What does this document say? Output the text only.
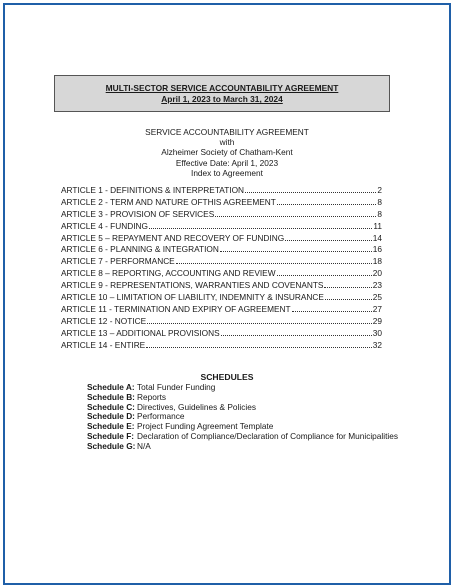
MULTI-SECTOR SERVICE ACCOUNTABILITY AGREEMENT
April 1, 2023 to March 31, 2024
SERVICE ACCOUNTABILITY AGREEMENT
with
Alzheimer Society of Chatham-Kent
Effective Date: April 1, 2023
Index to Agreement
ARTICLE 1 - DEFINITIONS & INTERPRETATION	2
ARTICLE 2 - TERM AND NATURE OFTHIS AGREEMENT	8
ARTICLE 3 - PROVISION OF SERVICES	8
ARTICLE 4 - FUNDING	11
ARTICLE 5 – REPAYMENT AND RECOVERY OF FUNDING	14
ARTICLE 6 - PLANNING & INTEGRATION	16
ARTICLE 7 - PERFORMANCE	18
ARTICLE 8 – REPORTING, ACCOUNTING AND REVIEW	20
ARTICLE 9 - REPRESENTATIONS, WARRANTIES AND COVENANTS	23
ARTICLE 10 – LIMITATION OF LIABILITY, INDEMNITY & INSURANCE	25
ARTICLE 11 - TERMINATION AND EXPIRY OF AGREEMENT	27
ARTICLE 12 - NOTICE	29
ARTICLE 13 – ADDITIONAL PROVISIONS	30
ARTICLE 14 - ENTIRE	32
SCHEDULES
Schedule A: Total Funder Funding
Schedule B: Reports
Schedule C: Directives, Guidelines & Policies
Schedule D: Performance
Schedule E: Project Funding Agreement Template
Schedule F: Declaration of Compliance/Declaration of Compliance for Municipalities
Schedule G: N/A
